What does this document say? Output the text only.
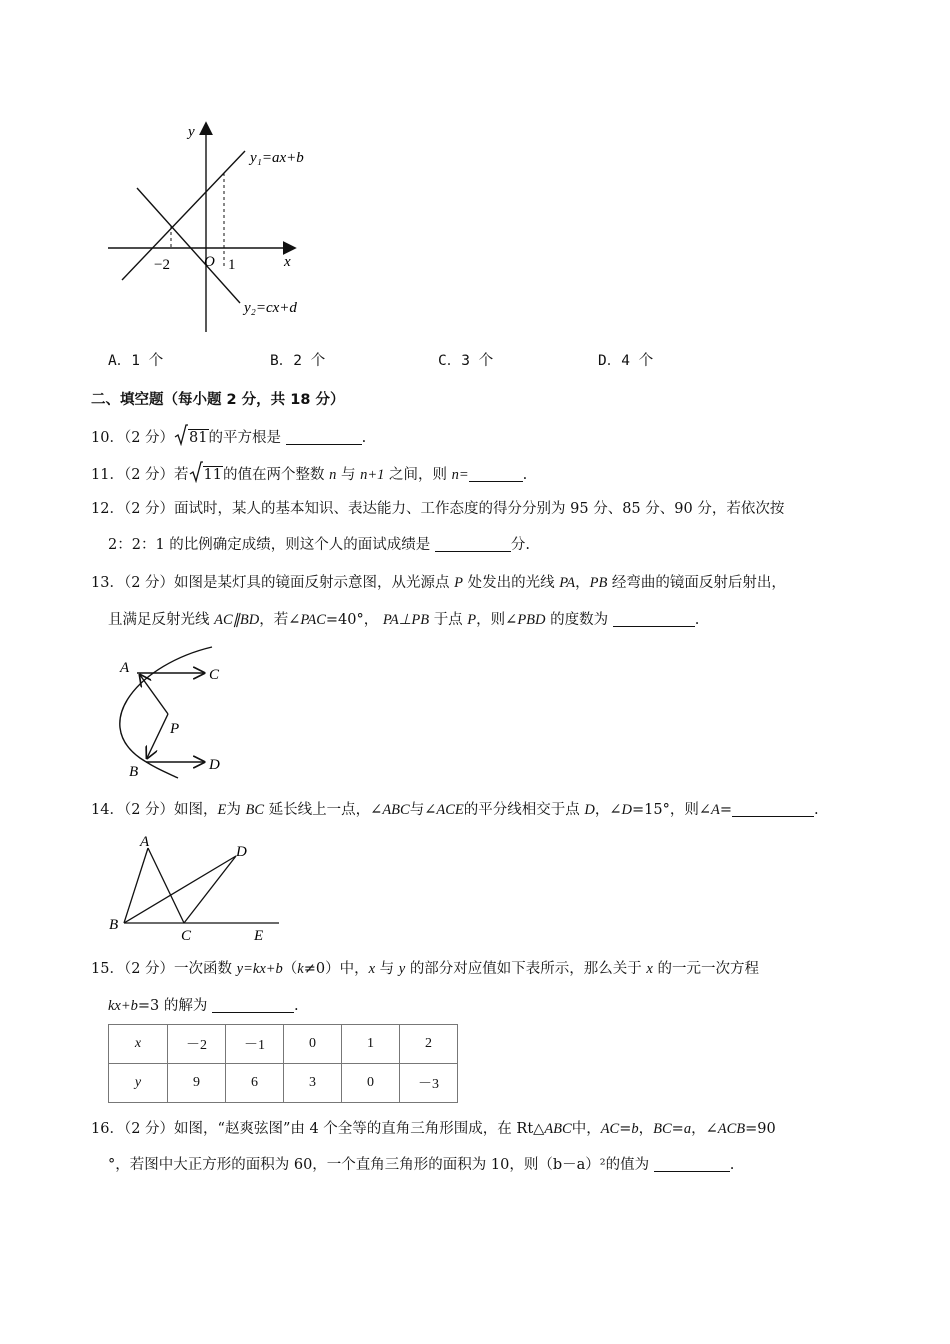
y
x
O
−2	1
y₁=ax+b
y₂=cx+d
A．1 个	B．2 个	C．3 个	D．4 个
二、填空题（每小题 2 分，共 18 分）
10．（2 分） 81的平方根是	.
11．（2 分）若 11的值在两个整数 n 与 n+1 之间，则 n=	.
12．（2 分）面试时，某人的基本知识、表达能力、工作态度的得分分别为 95 分、85 分、90 分，若依次按
2：2：1 的比例确定成绩，则这个人的面试成绩是	分.
13．（2 分）如图是某灯具的镜面反射示意图，从光源点 P 处发出的光线 PA，PB 经弯曲的镜面反射后射出，
且满足反射光线 AC∥BD，若∠PAC=40°， PA⊥PB 于点 P，则∠PBD 的度数为	.
A	C
P
B	D
14．（2 分）如图，E为 BC 延长线上一点，∠ABC与∠ACE的平分线相交于点 D，∠D=15°，则∠A=	.
A
D
B
C	E
15．（2 分）一次函数 y=kx+b（k≠0）中，x 与 y 的部分对应值如下表所示，那么关于 x 的一元一次方程
kx+b=3 的解为	.
x	－2	－1	0	1	2
y	9	6	3	0	－3
16．（2 分）如图，“赵爽弦图”由 4 个全等的直角三角形围成，在 Rt△ABC中，AC=b，BC=a，∠ACB=90
°，若图中大正方形的面积为 60，一个直角三角形的面积为 10，则（b－a）²的值为	.
